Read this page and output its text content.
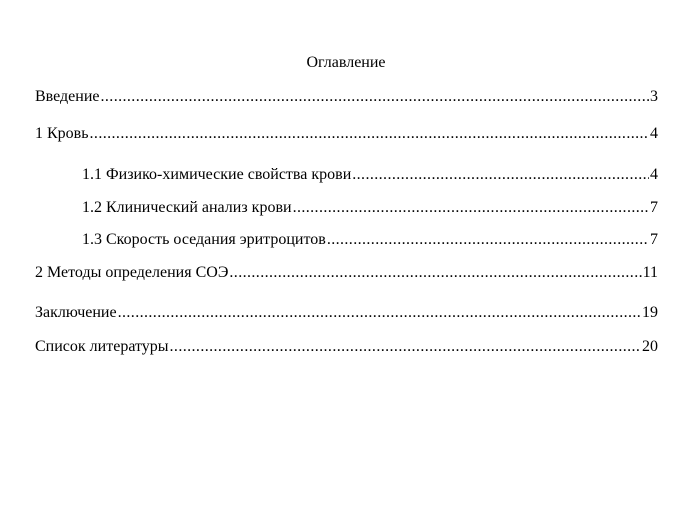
Оглавление
Введение .....	3
1 Кровь .....	4
1.1 Физико-химические свойства крови .....	4
1.2 Клинический анализ крови .....	7
1.3 Скорость оседания эритроцитов .....	7
2 Методы определения СОЭ .....	11
Заключение .....	19
Список литературы .....	20
